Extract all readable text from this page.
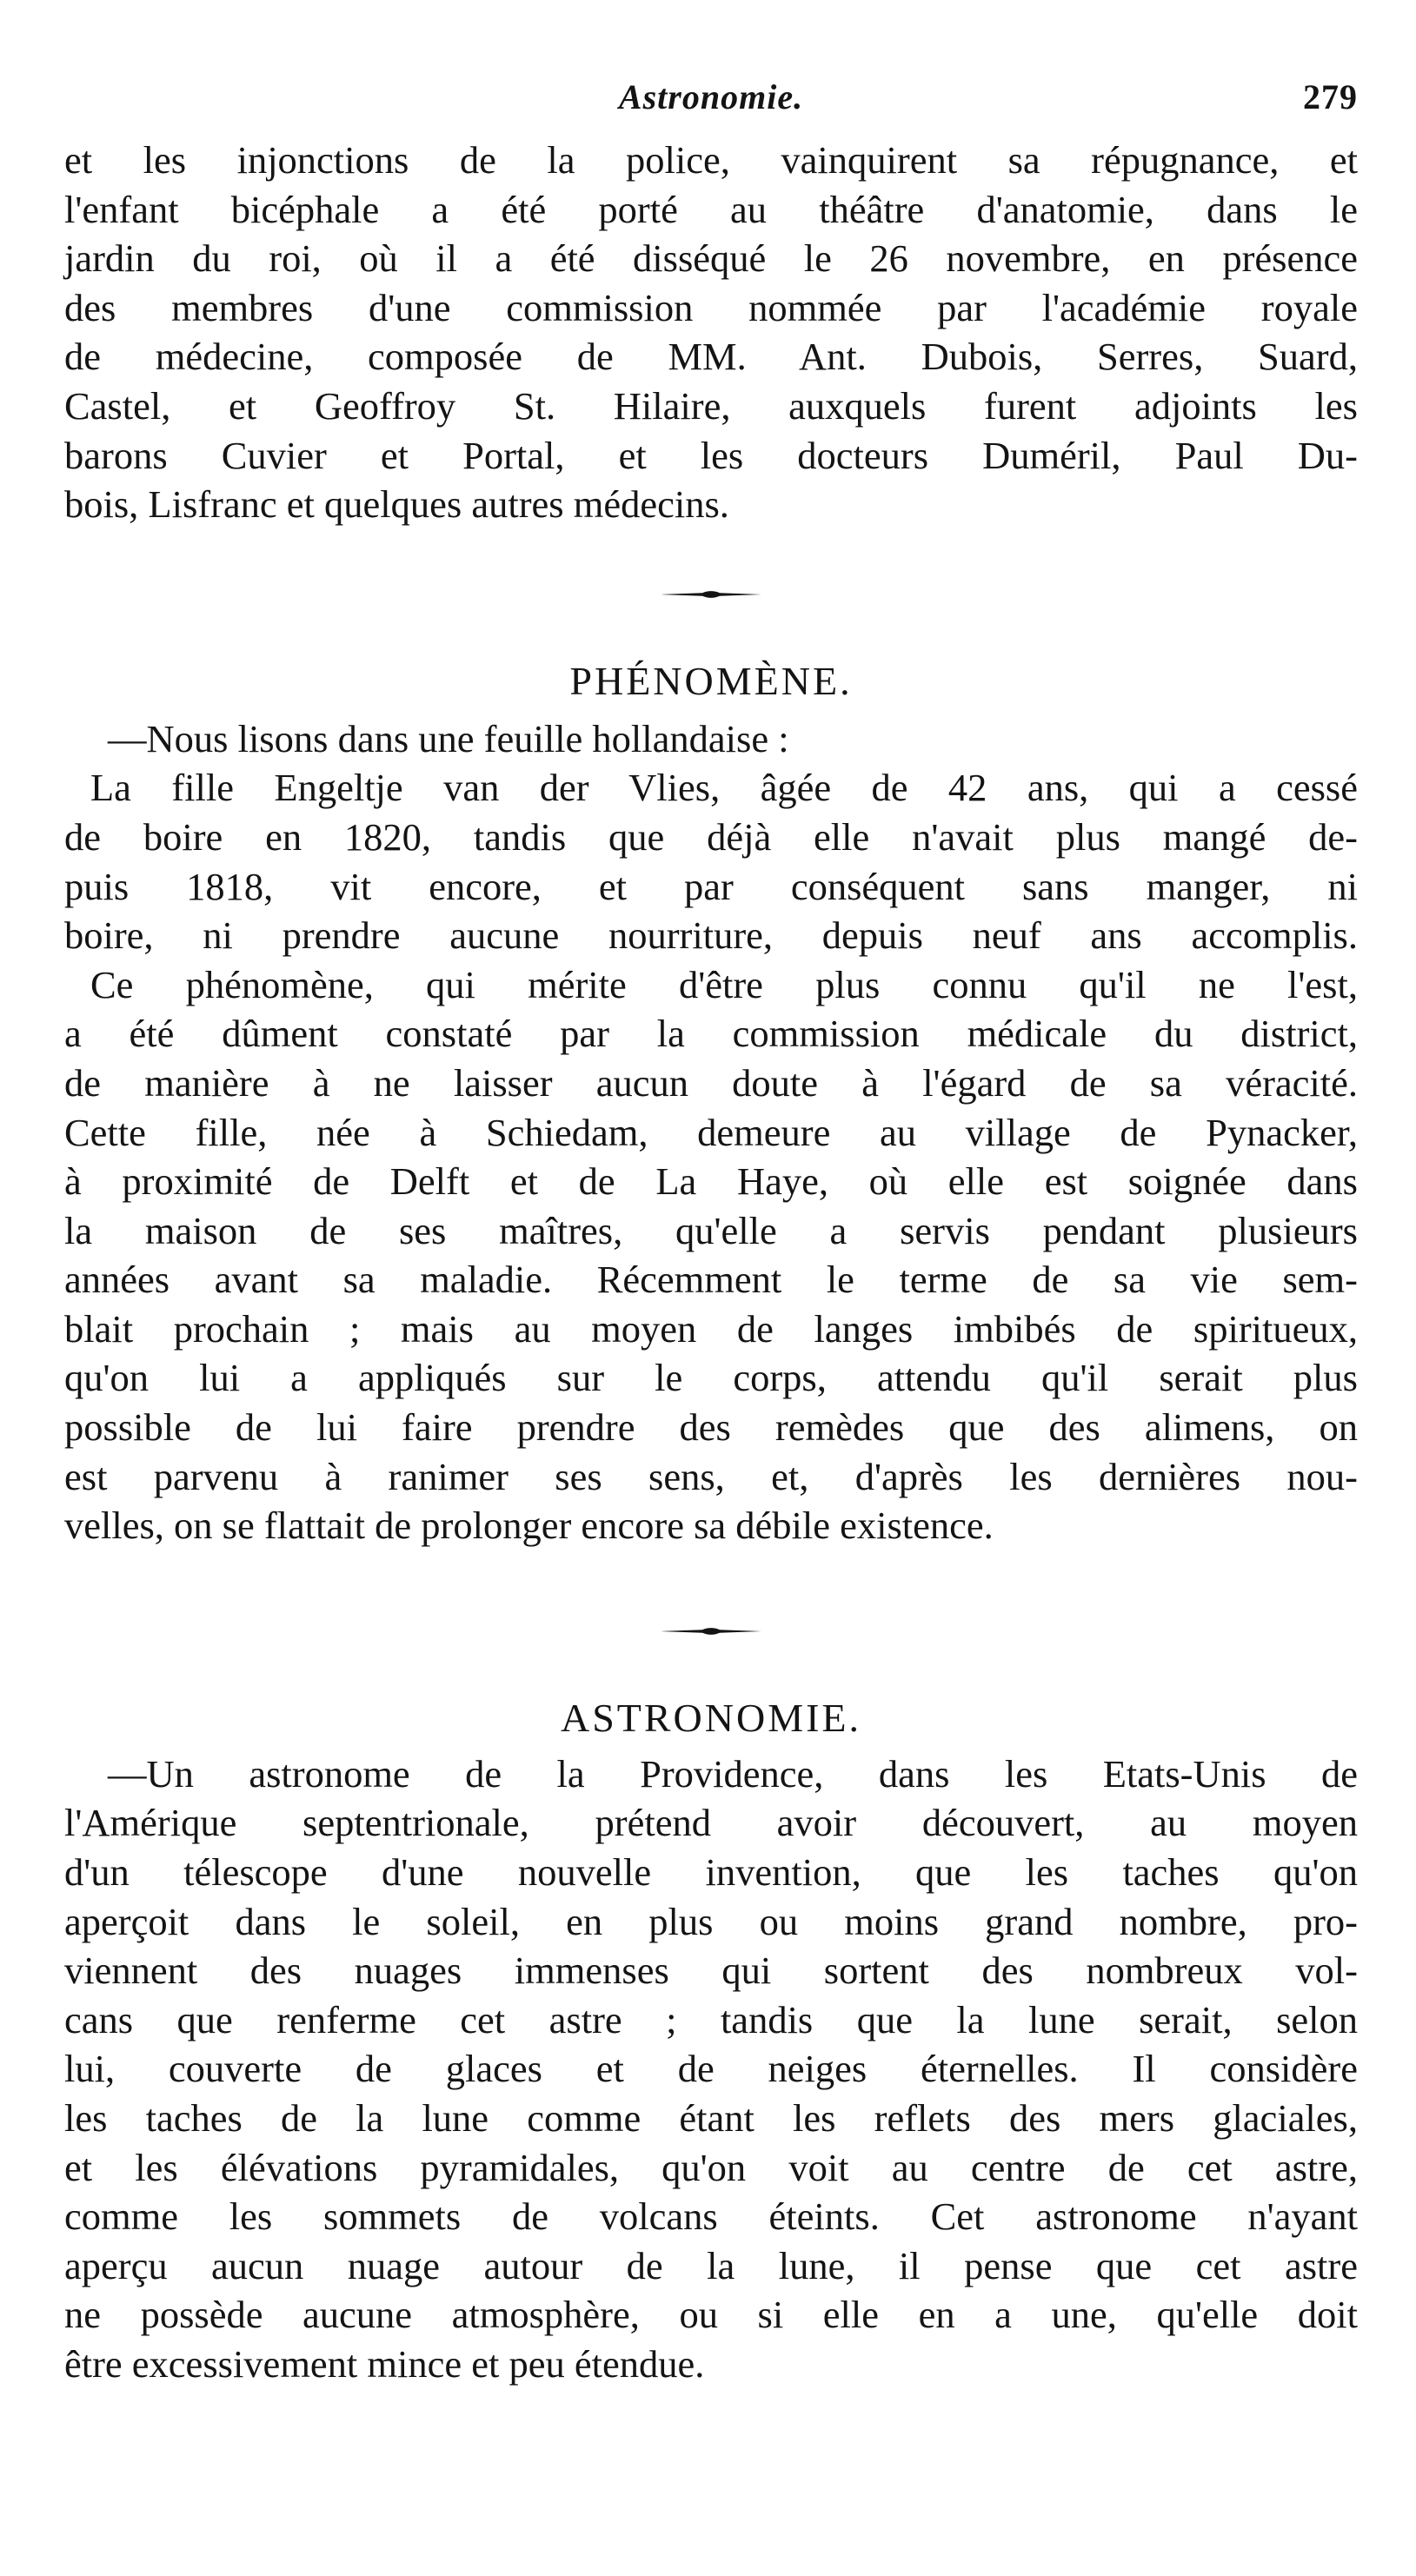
Astronomie.	279
et les injonctions de la police, vainquirent sa répugnance, et
l'enfant bicéphale a été porté au théâtre d'anatomie, dans le
jardin du roi, où il a été disséqué le 26 novembre, en présence
des membres d'une commission nommée par l'académie royale
de médecine, composée de MM. Ant. Dubois, Serres, Suard,
Castel, et Geoffroy St. Hilaire, auxquels furent adjoints les
barons Cuvier et Portal, et les docteurs Duméril, Paul Du-
bois, Lisfranc et quelques autres médecins.
PHÉNOMÈNE.
—Nous lisons dans une feuille hollandaise :
La fille Engeltje van der Vlies, âgée de 42 ans, qui a cessé
de boire en 1820, tandis que déjà elle n'avait plus mangé de-
puis 1818, vit encore, et par conséquent sans manger, ni
boire, ni prendre aucune nourriture, depuis neuf ans accomplis.
Ce phénomène, qui mérite d'être plus connu qu'il ne l'est,
a été dûment constaté par la commission médicale du district,
de manière à ne laisser aucun doute à l'égard de sa véracité.
Cette fille, née à Schiedam, demeure au village de Pynacker,
à proximité de Delft et de La Haye, où elle est soignée dans
la maison de ses maîtres, qu'elle a servis pendant plusieurs
années avant sa maladie. Récemment le terme de sa vie sem-
blait prochain ; mais au moyen de langes imbibés de spiritueux,
qu'on lui a appliqués sur le corps, attendu qu'il serait plus
possible de lui faire prendre des remèdes que des alimens, on
est parvenu à ranimer ses sens, et, d'après les dernières nou-
velles, on se flattait de prolonger encore sa débile existence.
ASTRONOMIE.
—Un astronome de la Providence, dans les Etats-Unis de
l'Amérique septentrionale, prétend avoir découvert, au moyen
d'un télescope d'une nouvelle invention, que les taches qu'on
aperçoit dans le soleil, en plus ou moins grand nombre, pro-
viennent des nuages immenses qui sortent des nombreux vol-
cans que renferme cet astre ; tandis que la lune serait, selon
lui, couverte de glaces et de neiges éternelles. Il considère
les taches de la lune comme étant les reflets des mers glaciales,
et les élévations pyramidales, qu'on voit au centre de cet astre,
comme les sommets de volcans éteints. Cet astronome n'ayant
aperçu aucun nuage autour de la lune, il pense que cet astre
ne possède aucune atmosphère, ou si elle en a une, qu'elle doit
être excessivement mince et peu étendue.
